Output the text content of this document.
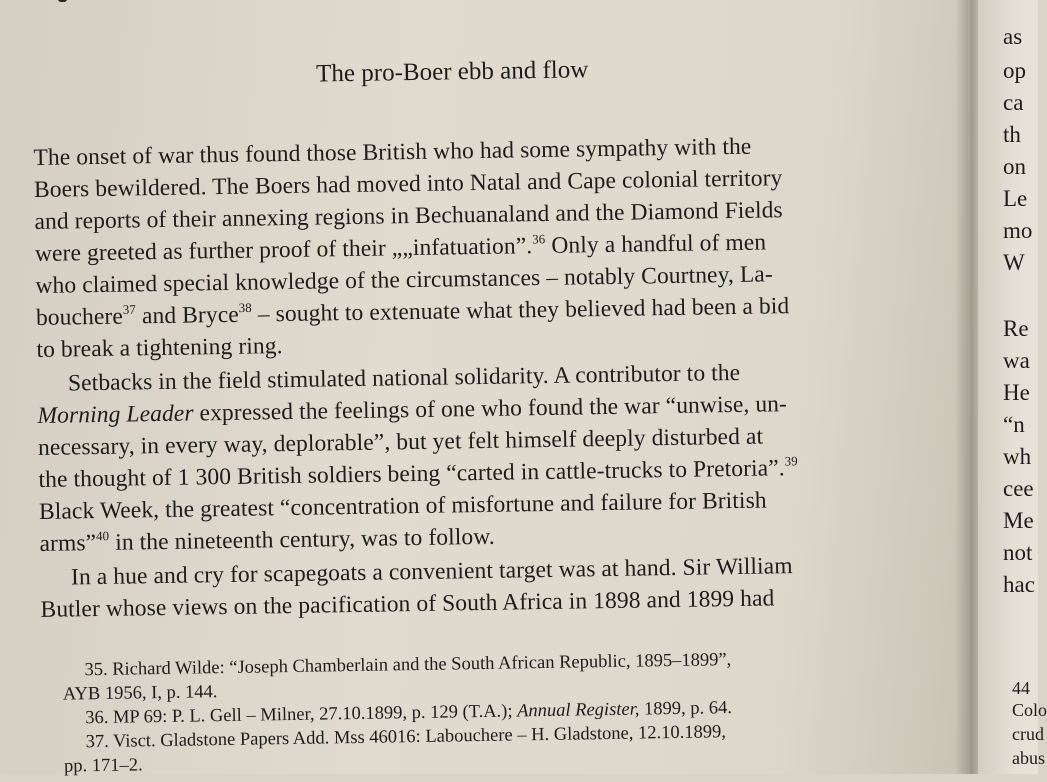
The pro-Boer ebb and flow
The onset of war thus found those British who had some sympathy with the
Boers bewildered. The Boers had moved into Natal and Cape colonial territory
and reports of their annexing regions in Bechuanaland and the Diamond Fields
were greeted as further proof of their „„infatuation”.$^{36}$ Only a handful of men
who claimed special knowledge of the circumstances – notably Courtney, La-
bouchere$^{37}$ and Bryce$^{38}$ – sought to extenuate what they believed had been a bid
to break a tightening ring.
Setbacks in the field stimulated national solidarity. A contributor to the
Morning Leader expressed the feelings of one who found the war “unwise, un-
necessary, in every way, deplorable”, but yet felt himself deeply disturbed at
the thought of 1 300 British soldiers being “carted in cattle-trucks to Pretoria”.$^{39}$
Black Week, the greatest “concentration of misfortune and failure for British
arms”$^{40}$ in the nineteenth century, was to follow.
In a hue and cry for scapegoats a convenient target was at hand. Sir William
Butler whose views on the pacification of South Africa in 1898 and 1899 had
35. Richard Wilde: “Joseph Chamberlain and the South African Republic, 1895–1899”,
AYB 1956, I, p. 144.
36. MP 69: P. L. Gell – Milner, 27.10.1899, p. 129 (T.A.); Annual Register, 1899, p. 64.
37. Visct. Gladstone Papers Add. Mss 46016: Labouchere – H. Gladstone, 12.10.1899,
pp. 171–2.
as
op
ca
th
on
Le
mo
W
Re
wa
He
“n
wh
cee
Me
not
hac
44
Colo
crud
abus
